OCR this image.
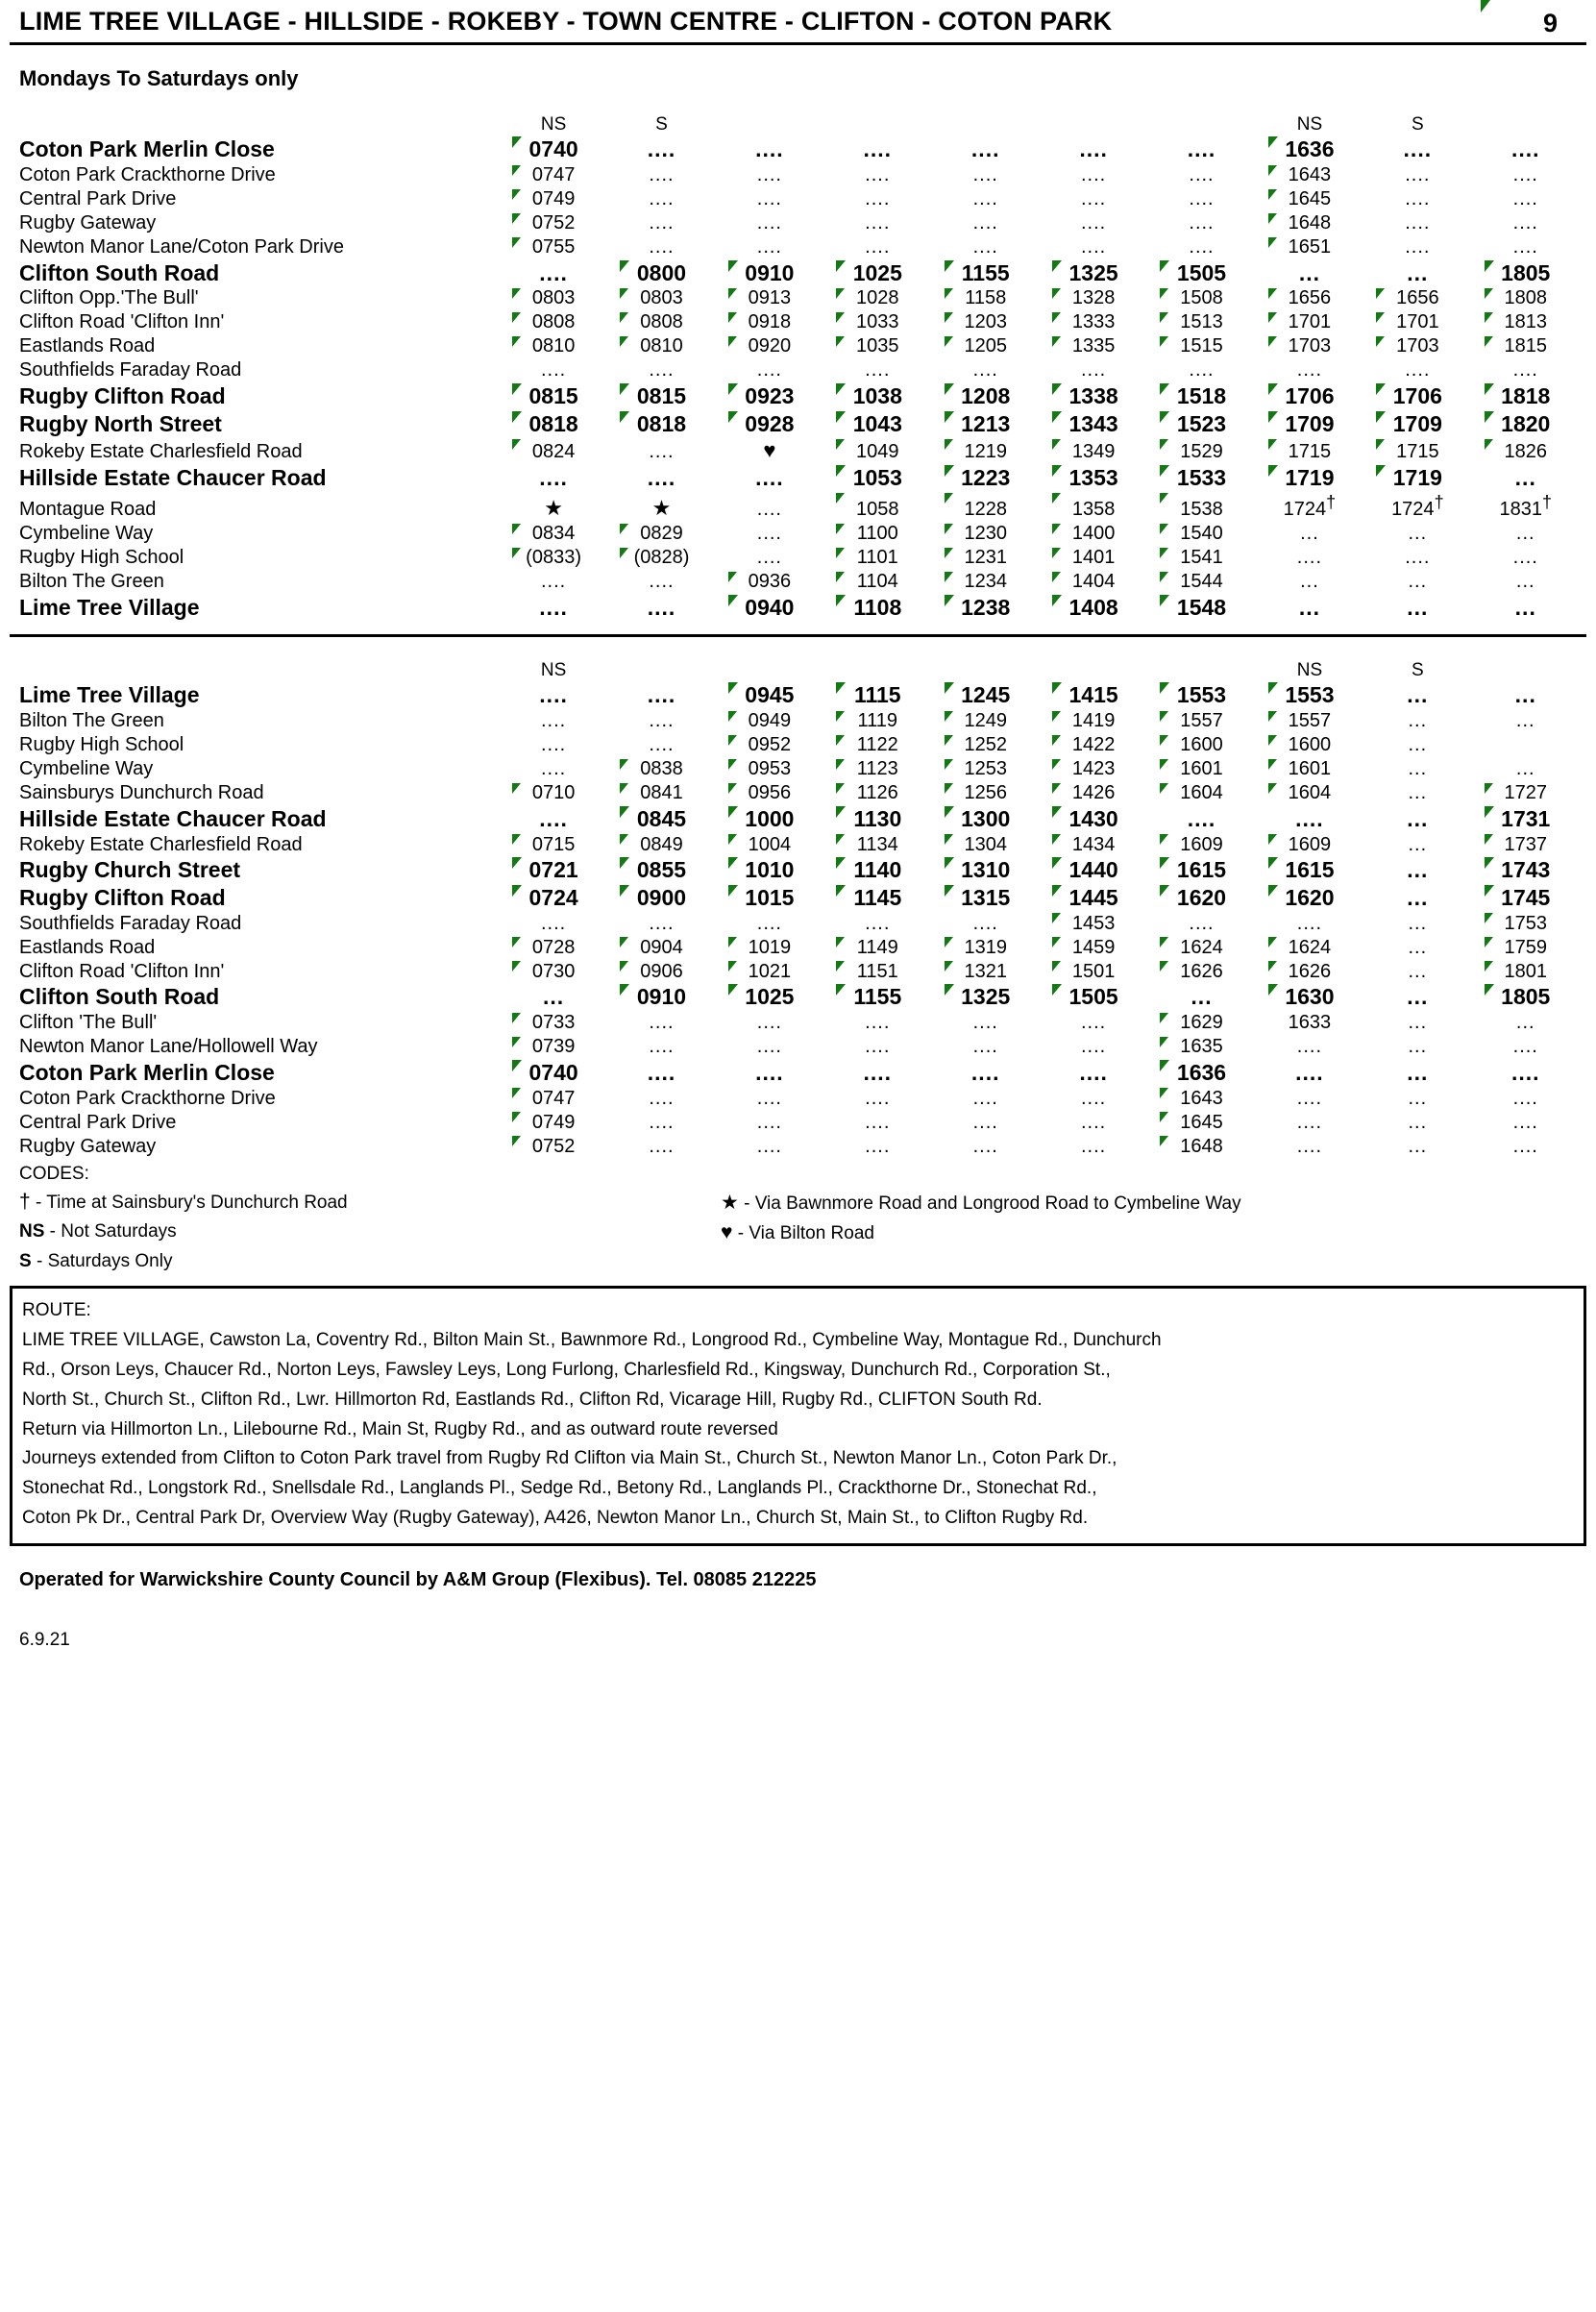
LIME TREE VILLAGE - HILLSIDE - ROKEBY - TOWN CENTRE - CLIFTON - COTON PARK	9
Mondays To Saturdays only
	NS	S						NS	S	
Coton Park Merlin Close	0740	....	....	....	....	....	....	1636	....	....
Coton Park Crackthorne Drive	0747	....	....	....	....	....	....	1643	....	....
Central Park Drive	0749	....	....	....	....	....	....	1645	....	....
Rugby Gateway	0752	....	....	....	....	....	....	1648	....	....
Newton Manor Lane/Coton Park Drive	0755	....	....	....	....	....	....	1651	....	....
Clifton South Road	....	0800	0910	1025	1155	1325	1505	...	...	1805
Clifton Opp.'The Bull'	0803	0803	0913	1028	1158	1328	1508	1656	1656	1808
Clifton Road 'Clifton Inn'	0808	0808	0918	1033	1203	1333	1513	1701	1701	1813
Eastlands Road	0810	0810	0920	1035	1205	1335	1515	1703	1703	1815
Southfields Faraday Road	....	....	....	....	....	....	....	....	....	....
Rugby Clifton Road	0815	0815	0923	1038	1208	1338	1518	1706	1706	1818
Rugby North Street	0818	0818	0928	1043	1213	1343	1523	1709	1709	1820
Rokeby Estate Charlesfield Road	0824	....	♥	1049	1219	1349	1529	1715	1715	1826
Hillside Estate Chaucer Road	....	....	....	1053	1223	1353	1533	1719	1719	...
Montague Road	★	★	....	1058	1228	1358	1538	1724†	1724†	1831†
Cymbeline Way	0834	0829	....	1100	1230	1400	1540	...	...	...
Rugby High School	(0833)	(0828)	....	1101	1231	1401	1541	....	....	....
Bilton The Green	....	....	0936	1104	1234	1404	1544	...	...	...
Lime Tree Village	....	....	0940	1108	1238	1408	1548	...	...	...
	NS							NS	S	
Lime Tree Village	....	....	0945	1115	1245	1415	1553	1553	...	...
Bilton The Green	....	....	0949	1119	1249	1419	1557	1557	...	...
Rugby High School	....	....	0952	1122	1252	1422	1600	1600	...	
Cymbeline Way	....	0838	0953	1123	1253	1423	1601	1601	...	...
Sainsburys Dunchurch Road	0710	0841	0956	1126	1256	1426	1604	1604	...	1727
Hillside Estate Chaucer Road	....	0845	1000	1130	1300	1430	....	....	...	1731
Rokeby Estate Charlesfield Road	0715	0849	1004	1134	1304	1434	1609	1609	...	1737
Rugby Church Street	0721	0855	1010	1140	1310	1440	1615	1615	...	1743
Rugby Clifton Road	0724	0900	1015	1145	1315	1445	1620	1620	...	1745
Southfields Faraday Road	....	....	....	....	....	1453	....	....	...	1753
Eastlands Road	0728	0904	1019	1149	1319	1459	1624	1624	...	1759
Clifton Road 'Clifton Inn'	0730	0906	1021	1151	1321	1501	1626	1626	...	1801
Clifton South Road	...	0910	1025	1155	1325	1505	...	1630	...	1805
Clifton 'The Bull'	0733	....	....	....	....	....	1629	1633	...	...
Newton Manor Lane/Hollowell Way	0739	....	....	....	....	....	1635	....	...	....
Coton Park Merlin Close	0740	....	....	....	....	....	1636	....	...	....
Coton Park Crackthorne Drive	0747	....	....	....	....	....	1643	....	...	....
Central Park Drive	0749	....	....	....	....	....	1645	....	...	....
Rugby Gateway	0752	....	....	....	....	....	1648	....	...	....
CODES:
† - Time at Sainsbury's Dunchurch Road	★ - Via Bawnmore Road and Longrood Road to Cymbeline Way
NS - Not Saturdays	♥ - Via Bilton Road
S - Saturdays Only
ROUTE:
LIME TREE VILLAGE, Cawston La, Coventry Rd., Bilton Main St., Bawnmore Rd., Longrood Rd., Cymbeline Way, Montague Rd., Dunchurch
Rd., Orson Leys, Chaucer Rd., Norton Leys, Fawsley Leys, Long Furlong, Charlesfield Rd., Kingsway, Dunchurch Rd., Corporation St.,
North St., Church St., Clifton Rd., Lwr. Hillmorton Rd, Eastlands Rd., Clifton Rd, Vicarage Hill, Rugby Rd., CLIFTON South Rd.
Return via Hillmorton Ln., Lilebourne Rd., Main St, Rugby Rd., and as outward route reversed
Journeys extended from Clifton to Coton Park travel from Rugby Rd Clifton via Main St., Church St., Newton Manor Ln., Coton Park Dr.,
Stonechat Rd., Longstork Rd., Snellsdale Rd., Langlands Pl., Sedge Rd., Betony Rd., Langlands Pl., Crackthorne Dr., Stonechat Rd.,
Coton Pk Dr., Central Park Dr, Overview Way (Rugby Gateway), A426, Newton Manor Ln., Church St, Main St., to Clifton Rugby Rd.
Operated for Warwickshire County Council by A&M Group (Flexibus). Tel. 08085 212225
6.9.21
